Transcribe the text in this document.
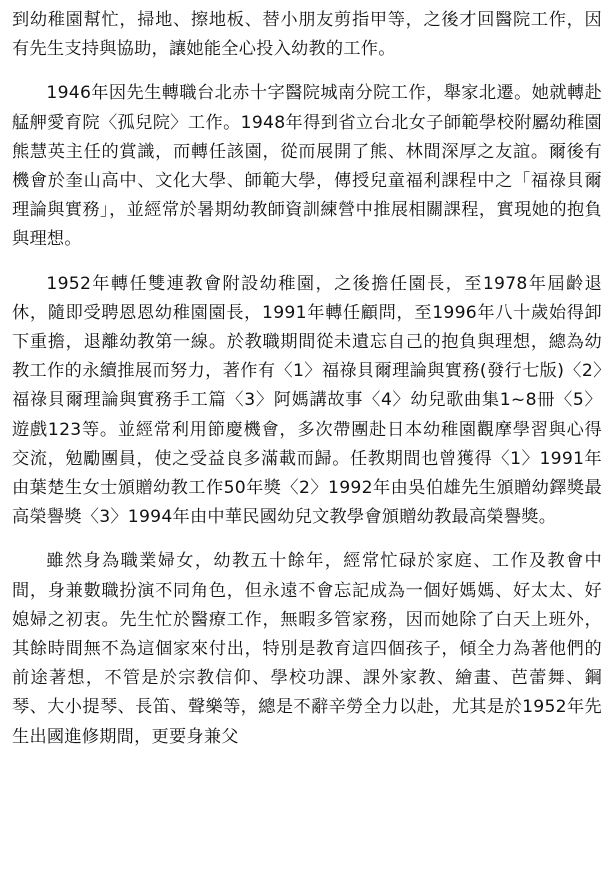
到幼稚園幫忙，掃地、擦地板、替小朋友剪指甲等，之後才回醫院工作，因有先生支持與協助，讓她能全心投入幼教的工作。

1946年因先生轉職台北赤十字醫院城南分院工作，舉家北遷。她就轉赴艋舺愛育院〈孤兒院〉工作。1948年得到省立台北女子師範學校附屬幼稚園熊慧英主任的賞識，而轉任該園，從而展開了熊、林間深厚之友誼。爾後有機會於奎山高中、文化大學、師範大學，傳授兒童福利課程中之「福祿貝爾理論與實務」，並經常於暑期幼教師資訓練營中推展相關課程，實現她的抱負與理想。

1952年轉任雙連教會附設幼稚園，之後擔任園長，至1978年屆齡退休，隨即受聘恩恩幼稚園園長，1991年轉任顧問，至1996年八十歲始得卸下重擔，退離幼教第一線。於教職期間從未遺忘自己的抱負與理想，總為幼教工作的永續推展而努力，著作有〈1〉福祿貝爾理論與實務(發行七版)〈2〉福祿貝爾理論與實務手工篇〈3〉阿媽講故事〈4〉幼兒歌曲集1~8冊〈5〉遊戲123等。並經常利用節慶機會，多次帶團赴日本幼稚園觀摩學習與心得交流，勉勵團員，使之受益良多滿載而歸。任教期間也曾獲得〈1〉1991年由葉楚生女士頒贈幼教工作50年獎〈2〉1992年由吳伯雄先生頒贈幼鐸獎最高榮譽獎〈3〉1994年由中華民國幼兒文教學會頒贈幼教最高榮譽獎。

雖然身為職業婦女，幼教五十餘年，經常忙碌於家庭、工作及教會中間，身兼數職扮演不同角色，但永遠不會忘記成為一個好媽媽、好太太、好媳婦之初衷。先生忙於醫療工作，無暇多管家務，因而她除了白天上班外，其餘時間無不為這個家來付出，特別是教育這四個孩子，傾全力為著他們的前途著想，不管是於宗教信仰、學校功課、課外家教、繪畫、芭蕾舞、鋼琴、大小提琴、長笛、聲樂等，總是不辭辛勞全力以赴，尤其是於1952年先生出國進修期間，更要身兼父
